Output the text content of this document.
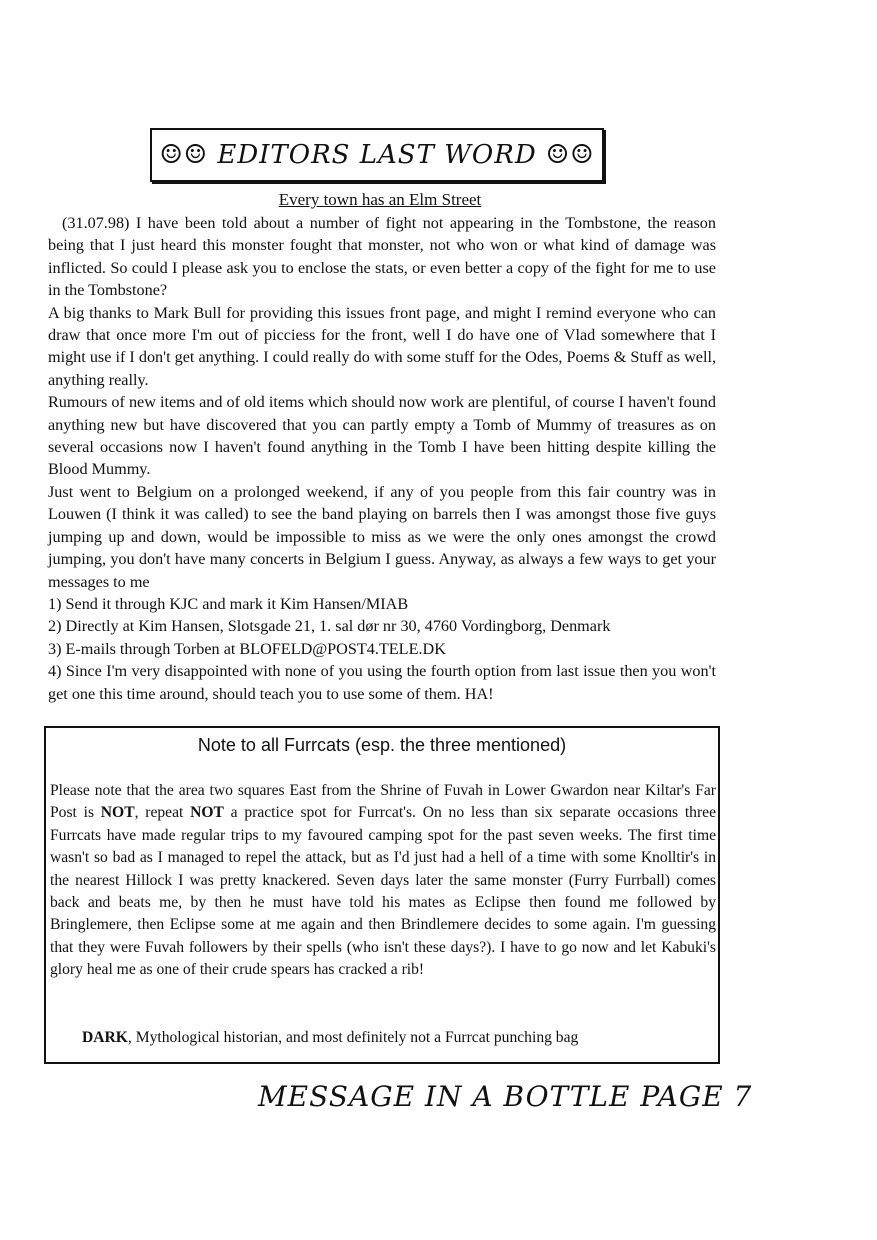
☺☺ EDITORS LAST WORD ☺☺
Every town has an Elm Street

(31.07.98) I have been told about a number of fight not appearing in the Tombstone, the reason being that I just heard this monster fought that monster, not who won or what kind of damage was inflicted. So could I please ask you to enclose the stats, or even better a copy of the fight for me to use in the Tombstone?

A big thanks to Mark Bull for providing this issues front page, and might I remind everyone who can draw that once more I'm out of picciess for the front, well I do have one of Vlad somewhere that I might use if I don't get anything. I could really do with some stuff for the Odes, Poems & Stuff as well, anything really.

Rumours of new items and of old items which should now work are plentiful, of course I haven't found anything new but have discovered that you can partly empty a Tomb of Mummy of treasures as on several occasions now I haven't found anything in the Tomb I have been hitting despite killing the Blood Mummy.

Just went to Belgium on a prolonged weekend, if any of you people from this fair country was in Louwen (I think it was called) to see the band playing on barrels then I was amongst those five guys jumping up and down, would be impossible to miss as we were the only ones amongst the crowd jumping, you don't have many concerts in Belgium I guess. Anyway, as always a few ways to get your messages to me

1) Send it through KJC and mark it Kim Hansen/MIAB

2) Directly at Kim Hansen, Slotsgade 21, 1. sal dør nr 30, 4760 Vordingborg, Denmark

3) E-mails through Torben at BLOFELD@POST4.TELE.DK

4) Since I'm very disappointed with none of you using the fourth option from last issue then you won't get one this time around, should teach you to use some of them. HA!

Note to all Furrcats (esp. the three mentioned)
Please note that the area two squares East from the Shrine of Fuvah in Lower Gwardon near Kiltar's Far Post is NOT, repeat NOT a practice spot for Furrcat's. On no less than six separate occasions three Furrcats have made regular trips to my favoured camping spot for the past seven weeks. The first time wasn't so bad as I managed to repel the attack, but as I'd just had a hell of a time with some Knolltir's in the nearest Hillock I was pretty knackered. Seven days later the same monster (Furry Furrball) comes back and beats me, by then he must have told his mates as Eclipse then found me followed by Bringlemere, then Eclipse some at me again and then Brindlemere decides to some again. I'm guessing that they were Fuvah followers by their spells (who isn't these days?). I have to go now and let Kabuki's glory heal me as one of their crude spears has cracked a rib!
DARK, Mythological historian, and most definitely not a Furrcat punching bag
MESSAGE IN A BOTTLE PAGE 7
